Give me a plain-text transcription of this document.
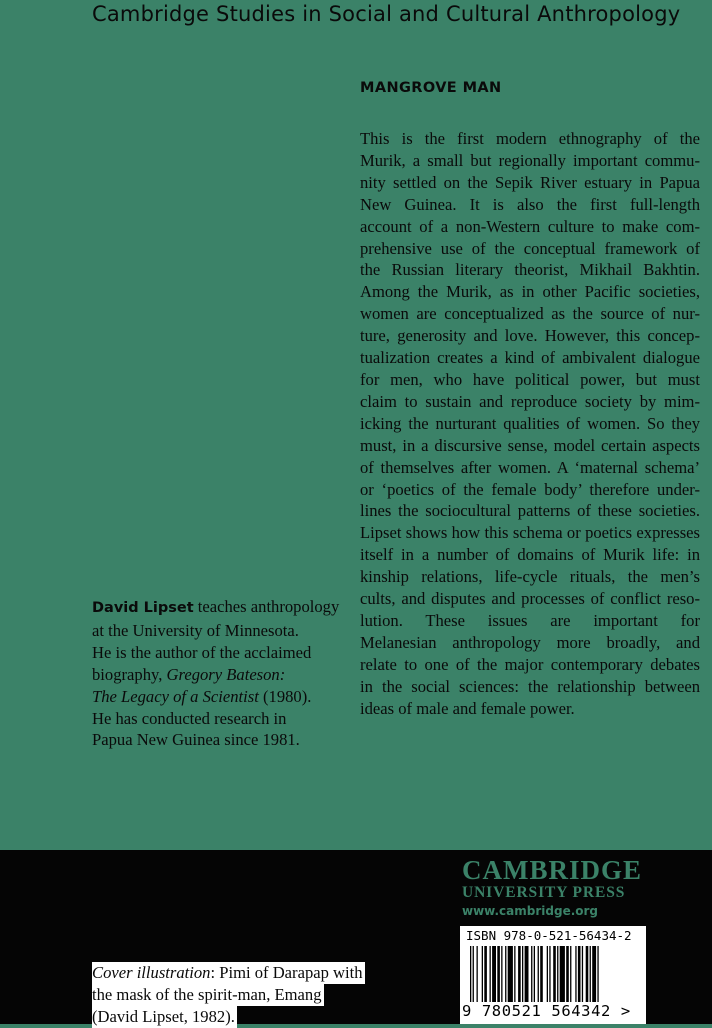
Cambridge Studies in Social and Cultural Anthropology
MANGROVE MAN
This is the first modern ethnography of the
Murik, a small but regionally important commu-
nity settled on the Sepik River estuary in Papua
New Guinea. It is also the first full-length
account of a non-Western culture to make com-
prehensive use of the conceptual framework of
the Russian literary theorist, Mikhail Bakhtin.
Among the Murik, as in other Pacific societies,
women are conceptualized as the source of nur-
ture, generosity and love. However, this concep-
tualization creates a kind of ambivalent dialogue
for men, who have political power, but must
claim to sustain and reproduce society by mim-
icking the nurturant qualities of women. So they
must, in a discursive sense, model certain aspects
of themselves after women. A ‘maternal schema’
or ‘poetics of the female body’ therefore under-
lines the sociocultural patterns of these societies.
Lipset shows how this schema or poetics expresses
itself in a number of domains of Murik life: in
kinship relations, life-cycle rituals, the men’s
cults, and disputes and processes of conflict reso-
lution. These issues are important for
Melanesian anthropology more broadly, and
relate to one of the major contemporary debates
in the social sciences: the relationship between
ideas of male and female power.
David Lipset teaches anthropology
at the University of Minnesota.
He is the author of the acclaimed
biography, Gregory Bateson:
The Legacy of a Scientist (1980).
He has conducted research in
Papua New Guinea since 1981.
Cover illustration: Pimi of Darapap with
the mask of the spirit-man, Emang
(David Lipset, 1982).
CAMBRIDGE
UNIVERSITY PRESS
www.cambridge.org
ISBN 978-0-521-56434-2
9 780521 564342 >
